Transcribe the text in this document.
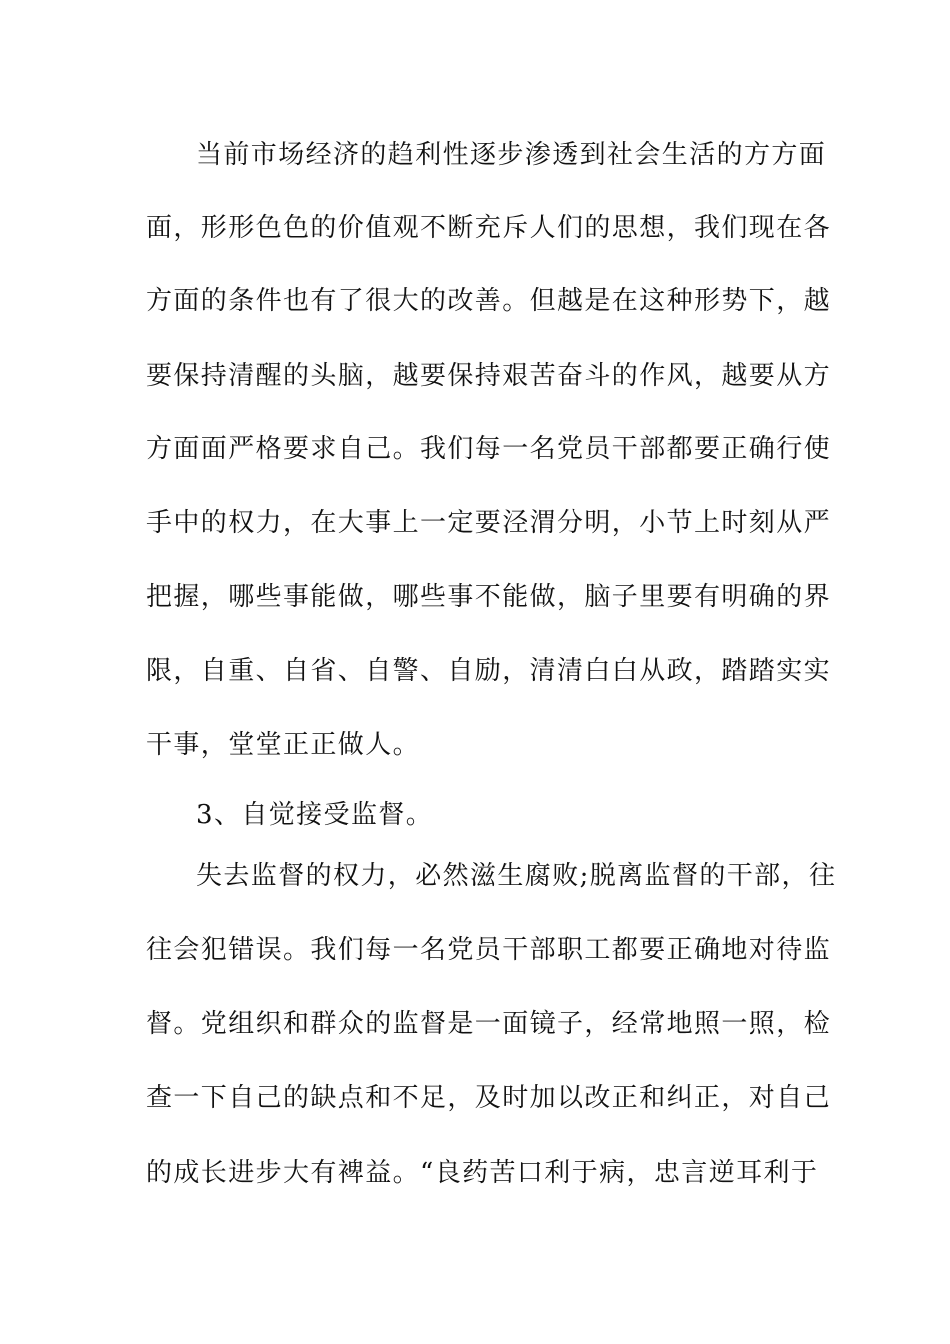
当前市场经济的趋利性逐步渗透到社会生活的方方面
面，形形色色的价值观不断充斥人们的思想，我们现在各
方面的条件也有了很大的改善。但越是在这种形势下，越
要保持清醒的头脑，越要保持艰苦奋斗的作风，越要从方
方面面严格要求自己。我们每一名党员干部都要正确行使
手中的权力，在大事上一定要泾渭分明，小节上时刻从严
把握，哪些事能做，哪些事不能做，脑子里要有明确的界
限，自重、自省、自警、自励，清清白白从政，踏踏实实
干事，堂堂正正做人。
3、自觉接受监督。
失去监督的权力，必然滋生腐败;脱离监督的干部，往
往会犯错误。我们每一名党员干部职工都要正确地对待监
督。党组织和群众的监督是一面镜子，经常地照一照，检
查一下自己的缺点和不足，及时加以改正和纠正，对自己
的成长进步大有裨益。“良药苦口利于病，忠言逆耳利于
